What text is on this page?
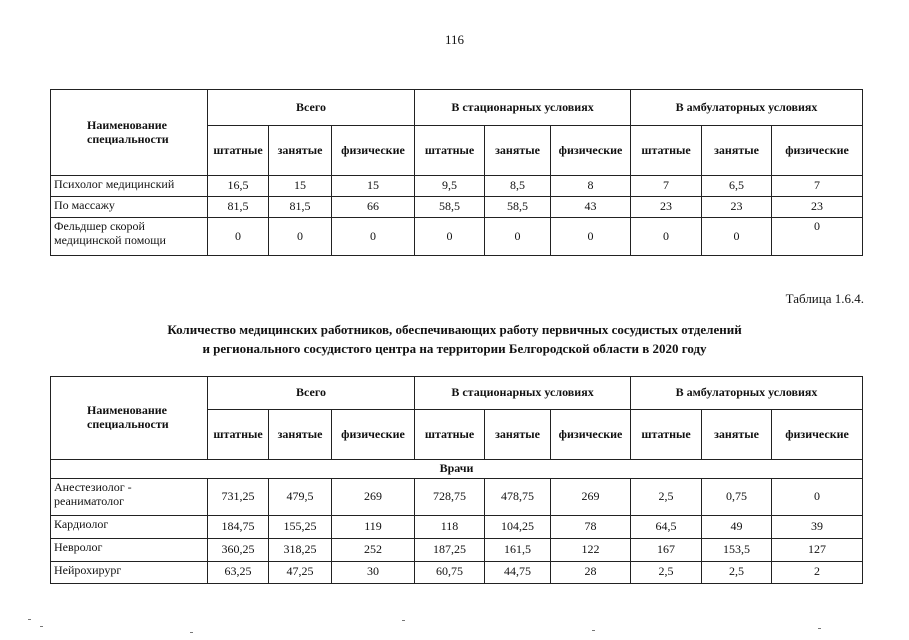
116
Наименование специальности	Всего			В стационарных условиях			В амбулаторных условиях		
	штатные	занятые	физические	штатные	занятые	физические	штатные	занятые	физические
Психолог медицинский	16,5	15	15	9,5	8,5	8	7	6,5	7
По массажу	81,5	81,5	66	58,5	58,5	43	23	23	23
Фельдшер скорой медицинской помощи	0	0	0	0	0	0	0	0	0
Таблица 1.6.4.
Количество медицинских работников, обеспечивающих работу первичных сосудистых отделений
и регионального сосудистого центра на территории Белгородской области в 2020 году
Наименование специальности	Всего			В стационарных условиях			В амбулаторных условиях		
	штатные	занятые	физические	штатные	занятые	физические	штатные	занятые	физические
Врачи									
Анестезиолог - реаниматолог	731,25	479,5	269	728,75	478,75	269	2,5	0,75	0
Кардиолог	184,75	155,25	119	118	104,25	78	64,5	49	39
Невролог	360,25	318,25	252	187,25	161,5	122	167	153,5	127
Нейрохирург	63,25	47,25	30	60,75	44,75	28	2,5	2,5	2
